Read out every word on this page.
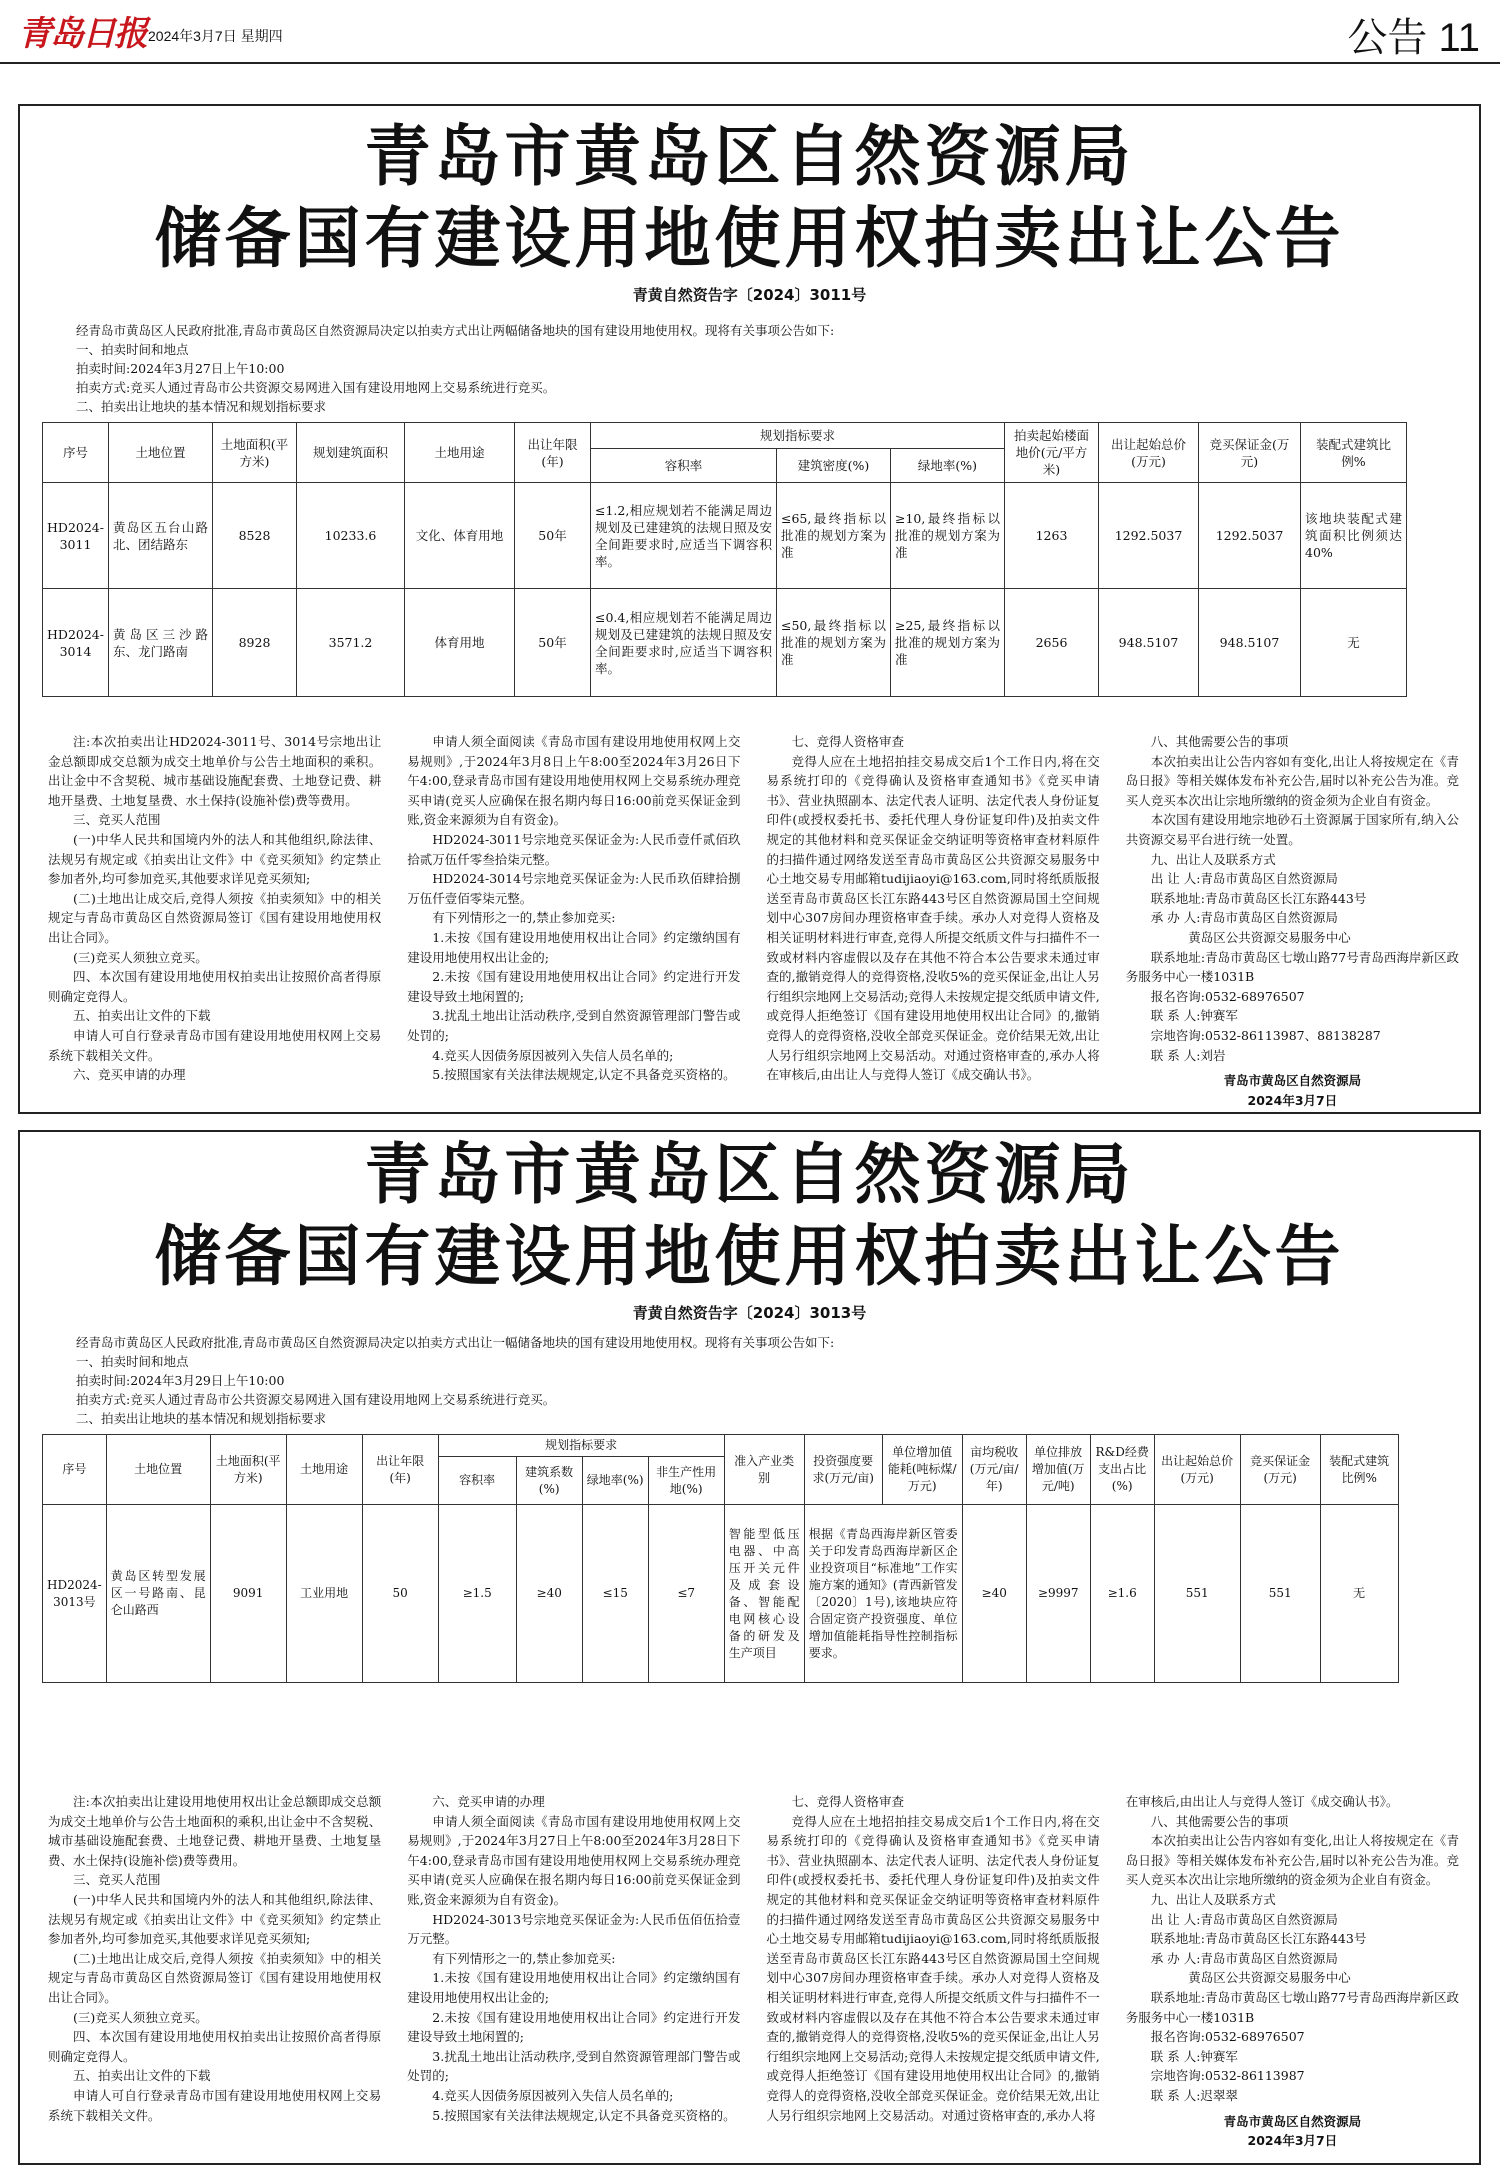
青岛日报 2024年3月7日 星期四	公告 11
青岛市黄岛区自然资源局
储备国有建设用地使用权拍卖出让公告
青黄自然资告字〔2024〕3011号

经青岛市黄岛区人民政府批准,青岛市黄岛区自然资源局决定以拍卖方式出让两幅储备地块的国有建设用地使用权。现将有关事项公告如下:

一、拍卖时间和地点

拍卖时间:2024年3月27日上午10:00

拍卖方式:竞买人通过青岛市公共资源交易网进入国有建设用地网上交易系统进行竞买。

二、拍卖出让地块的基本情况和规划指标要求

序号	土地位置	土地面积(平方米)	规划建筑面积	土地用途	出让年限(年)	规划指标要求			拍卖起始楼面地价(元/平方米)	出让起始总价(万元)	竞买保证金(万元)	装配式建筑比例%
						容积率	建筑密度(%)	绿地率(%)				
HD2024-3011	黄岛区五台山路北、团结路东	8528	10233.6	文化、体育用地	50年	≤1.2,相应规划若不能满足周边规划及已建建筑的法规日照及安全间距要求时,应适当下调容积率。	≤65,最终指标以批准的规划方案为准	≥10,最终指标以批准的规划方案为准	1263	1292.5037	1292.5037	该地块装配式建筑面积比例须达40%
HD2024-3014	黄岛区三沙路东、龙门路南	8928	3571.2	体育用地	50年	≤0.4,相应规划若不能满足周边规划及已建建筑的法规日照及安全间距要求时,应适当下调容积率。	≤50,最终指标以批准的规划方案为准	≥25,最终指标以批准的规划方案为准	2656	948.5107	948.5107	无

注:本次拍卖出让HD2024-3011号、3014号宗地出让金总额即成交总额为成交土地单价与公告土地面积的乘积。出让金中不含契税、城市基础设施配套费、土地登记费、耕地开垦费、土地复垦费、水土保持(设施补偿)费等费用。

三、竞买人范围

(一)中华人民共和国境内外的法人和其他组织,除法律、法规另有规定或《拍卖出让文件》中《竞买须知》约定禁止参加者外,均可参加竞买,其他要求详见竞买须知;

(二)土地出让成交后,竞得人须按《拍卖须知》中的相关规定与青岛市黄岛区自然资源局签订《国有建设用地使用权出让合同》。

(三)竞买人须独立竞买。

四、本次国有建设用地使用权拍卖出让按照价高者得原则确定竞得人。

五、拍卖出让文件的下载

申请人可自行登录青岛市国有建设用地使用权网上交易系统下载相关文件。

六、竞买申请的办理

申请人须全面阅读《青岛市国有建设用地使用权网上交易规则》,于2024年3月8日上午8:00至2024年3月26日下午4:00,登录青岛市国有建设用地使用权网上交易系统办理竞买申请(竞买人应确保在报名期内每日16:00前竞买保证金到账,资金来源须为自有资金)。

HD2024-3011号宗地竞买保证金为:人民币壹仟贰佰玖拾贰万伍仟零叁拾柒元整。

HD2024-3014号宗地竞买保证金为:人民币玖佰肆拾捌万伍仟壹佰零柒元整。

有下列情形之一的,禁止参加竞买:

1.未按《国有建设用地使用权出让合同》约定缴纳国有建设用地使用权出让金的;

2.未按《国有建设用地使用权出让合同》约定进行开发建设导致土地闲置的;

3.扰乱土地出让活动秩序,受到自然资源管理部门警告或处罚的;

4.竞买人因债务原因被列入失信人员名单的;

5.按照国家有关法律法规规定,认定不具备竞买资格的。

七、竞得人资格审查

竞得人应在土地招拍挂交易成交后1个工作日内,将在交易系统打印的《竞得确认及资格审查通知书》《竞买申请书》、营业执照副本、法定代表人证明、法定代表人身份证复印件(或授权委托书、委托代理人身份证复印件)及拍卖文件规定的其他材料和竞买保证金交纳证明等资格审查材料原件的扫描件通过网络发送至青岛市黄岛区公共资源交易服务中心土地交易专用邮箱tudijiaoyi@163.com,同时将纸质版报送至青岛市黄岛区长江东路443号区自然资源局国土空间规划中心307房间办理资格审查手续。承办人对竞得人资格及相关证明材料进行审查,竞得人所提交纸质文件与扫描件不一致或材料内容虚假以及存在其他不符合本公告要求未通过审查的,撤销竞得人的竞得资格,没收5%的竞买保证金,出让人另行组织宗地网上交易活动;竞得人未按规定提交纸质申请文件,或竞得人拒绝签订《国有建设用地使用权出让合同》的,撤销竞得人的竞得资格,没收全部竞买保证金。竞价结果无效,出让人另行组织宗地网上交易活动。对通过资格审查的,承办人将在审核后,由出让人与竞得人签订《成交确认书》。

八、其他需要公告的事项

本次拍卖出让公告内容如有变化,出让人将按规定在《青岛日报》等相关媒体发布补充公告,届时以补充公告为准。竞买人竞买本次出让宗地所缴纳的资金须为企业自有资金。

本次国有建设用地宗地砂石土资源属于国家所有,纳入公共资源交易平台进行统一处置。

九、出让人及联系方式

出 让 人:青岛市黄岛区自然资源局

联系地址:青岛市黄岛区长江东路443号

承 办 人:青岛市黄岛区自然资源局

黄岛区公共资源交易服务中心

联系地址:青岛市黄岛区七墩山路77号青岛西海岸新区政务服务中心一楼1031B

报名咨询:0532-68976507

联 系 人:钟赛军

宗地咨询:0532-86113987、88138287

联 系 人:刘岩

青岛市黄岛区自然资源局
2024年3月7日
青岛市黄岛区自然资源局
储备国有建设用地使用权拍卖出让公告
青黄自然资告字〔2024〕3013号

经青岛市黄岛区人民政府批准,青岛市黄岛区自然资源局决定以拍卖方式出让一幅储备地块的国有建设用地使用权。现将有关事项公告如下:

一、拍卖时间和地点

拍卖时间:2024年3月29日上午10:00

拍卖方式:竞买人通过青岛市公共资源交易网进入国有建设用地网上交易系统进行竞买。

二、拍卖出让地块的基本情况和规划指标要求

序号	土地位置	土地面积(平方米)	土地用途	出让年限(年)	规划指标要求				准入产业类别	投资强度要求(万元/亩)	单位增加值能耗(吨标煤/万元)	亩均税收(万元/亩/年)	单位排放增加值(万元/吨)	R&D经费支出占比(%)	出让起始总价(万元)	竞买保证金(万元)	装配式建筑比例%
					容积率	建筑系数(%)	绿地率(%)	非生产性用地(%)									
HD2024-3013号	黄岛区转型发展区一号路南、昆仑山路西	9091	工业用地	50	≥1.5	≥40	≤15	≤7	智能型低压电器、中高压开关元件及成套设备、智能配电网核心设备的研发及生产项目	根据《青岛西海岸新区管委关于印发青岛西海岸新区企业投资项目“标准地”工作实施方案的通知》(青西新管发〔2020〕1号),该地块应符合固定资产投资强度、单位增加值能耗指导性控制指标要求。		≥40	≥9997	≥1.6	551	551	无

注:本次拍卖出让建设用地使用权出让金总额即成交总额为成交土地单价与公告土地面积的乘积,出让金中不含契税、城市基础设施配套费、土地登记费、耕地开垦费、土地复垦费、水土保持(设施补偿)费等费用。

三、竞买人范围

(一)中华人民共和国境内外的法人和其他组织,除法律、法规另有规定或《拍卖出让文件》中《竞买须知》约定禁止参加者外,均可参加竞买,其他要求详见竞买须知;

(二)土地出让成交后,竞得人须按《拍卖须知》中的相关规定与青岛市黄岛区自然资源局签订《国有建设用地使用权出让合同》。

(三)竞买人须独立竞买。

四、本次国有建设用地使用权拍卖出让按照价高者得原则确定竞得人。

五、拍卖出让文件的下载

申请人可自行登录青岛市国有建设用地使用权网上交易系统下载相关文件。

六、竞买申请的办理

申请人须全面阅读《青岛市国有建设用地使用权网上交易规则》,于2024年3月27日上午8:00至2024年3月28日下午4:00,登录青岛市国有建设用地使用权网上交易系统办理竞买申请(竞买人应确保在报名期内每日16:00前竞买保证金到账,资金来源须为自有资金)。

HD2024-3013号宗地竞买保证金为:人民币伍佰伍拾壹万元整。

有下列情形之一的,禁止参加竞买:

1.未按《国有建设用地使用权出让合同》约定缴纳国有建设用地使用权出让金的;

2.未按《国有建设用地使用权出让合同》约定进行开发建设导致土地闲置的;

3.扰乱土地出让活动秩序,受到自然资源管理部门警告或处罚的;

4.竞买人因债务原因被列入失信人员名单的;

5.按照国家有关法律法规规定,认定不具备竞买资格的。

七、竞得人资格审查

竞得人应在土地招拍挂交易成交后1个工作日内,将在交易系统打印的《竞得确认及资格审查通知书》《竞买申请书》、营业执照副本、法定代表人证明、法定代表人身份证复印件(或授权委托书、委托代理人身份证复印件)及拍卖文件规定的其他材料和竞买保证金交纳证明等资格审查材料原件的扫描件通过网络发送至青岛市黄岛区公共资源交易服务中心土地交易专用邮箱tudijiaoyi@163.com,同时将纸质版报送至青岛市黄岛区长江东路443号区自然资源局国土空间规划中心307房间办理资格审查手续。承办人对竞得人资格及相关证明材料进行审查,竞得人所提交纸质文件与扫描件不一致或材料内容虚假以及存在其他不符合本公告要求未通过审查的,撤销竞得人的竞得资格,没收5%的竞买保证金,出让人另行组织宗地网上交易活动;竞得人未按规定提交纸质申请文件,或竞得人拒绝签订《国有建设用地使用权出让合同》的,撤销竞得人的竞得资格,没收全部竞买保证金。竞价结果无效,出让人另行组织宗地网上交易活动。对通过资格审查的,承办人将

在审核后,由出让人与竞得人签订《成交确认书》。

八、其他需要公告的事项

本次拍卖出让公告内容如有变化,出让人将按规定在《青岛日报》等相关媒体发布补充公告,届时以补充公告为准。竞买人竞买本次出让宗地所缴纳的资金须为企业自有资金。

九、出让人及联系方式

出 让 人:青岛市黄岛区自然资源局

联系地址:青岛市黄岛区长江东路443号

承 办 人:青岛市黄岛区自然资源局

黄岛区公共资源交易服务中心

联系地址:青岛市黄岛区七墩山路77号青岛西海岸新区政务服务中心一楼1031B

报名咨询:0532-68976507

联 系 人:钟赛军

宗地咨询:0532-86113987

联 系 人:迟翠翠

青岛市黄岛区自然资源局
2024年3月7日
